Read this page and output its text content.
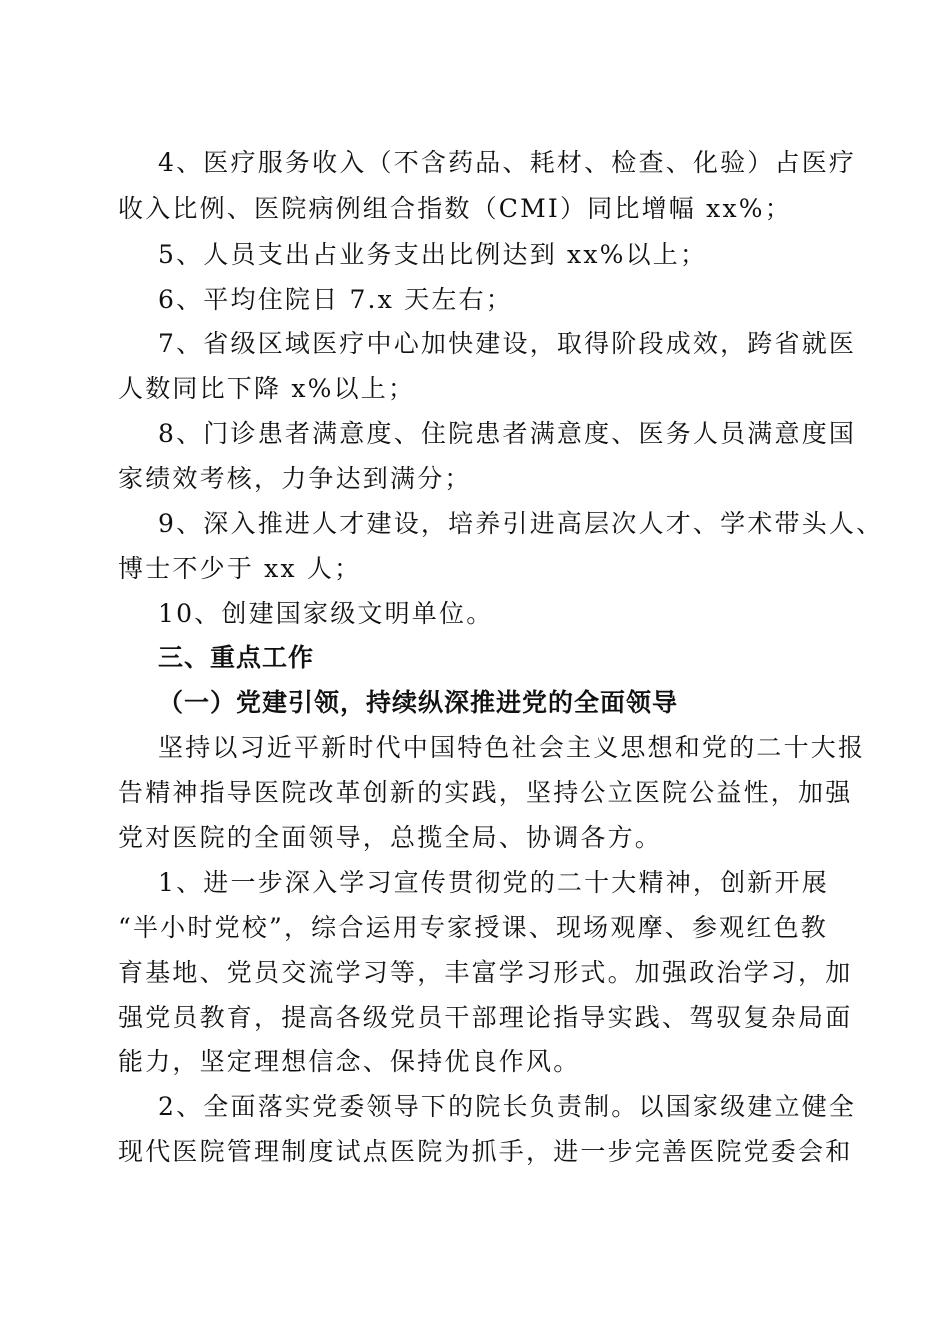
4、医疗服务收入（不含药品、耗材、检查、化验）占医疗
收入比例、医院病例组合指数（CMI）同比增幅 xx%；
5、人员支出占业务支出比例达到 xx%以上；
6、平均住院日 7.x 天左右；
7、省级区域医疗中心加快建设，取得阶段成效，跨省就医
人数同比下降 x%以上；
8、门诊患者满意度、住院患者满意度、医务人员满意度国
家绩效考核，力争达到满分；
9、深入推进人才建设，培养引进高层次人才、学术带头人、
博士不少于 xx 人；
10、创建国家级文明单位。
三、重点工作
（一）党建引领，持续纵深推进党的全面领导
坚持以习近平新时代中国特色社会主义思想和党的二十大报
告精神指导医院改革创新的实践，坚持公立医院公益性，加强
党对医院的全面领导，总揽全局、协调各方。
1、进一步深入学习宣传贯彻党的二十大精神，创新开展
“半小时党校”，综合运用专家授课、现场观摩、参观红色教
育基地、党员交流学习等，丰富学习形式。加强政治学习，加
强党员教育，提高各级党员干部理论指导实践、驾驭复杂局面
能力，坚定理想信念、保持优良作风。
2、全面落实党委领导下的院长负责制。以国家级建立健全
现代医院管理制度试点医院为抓手，进一步完善医院党委会和
